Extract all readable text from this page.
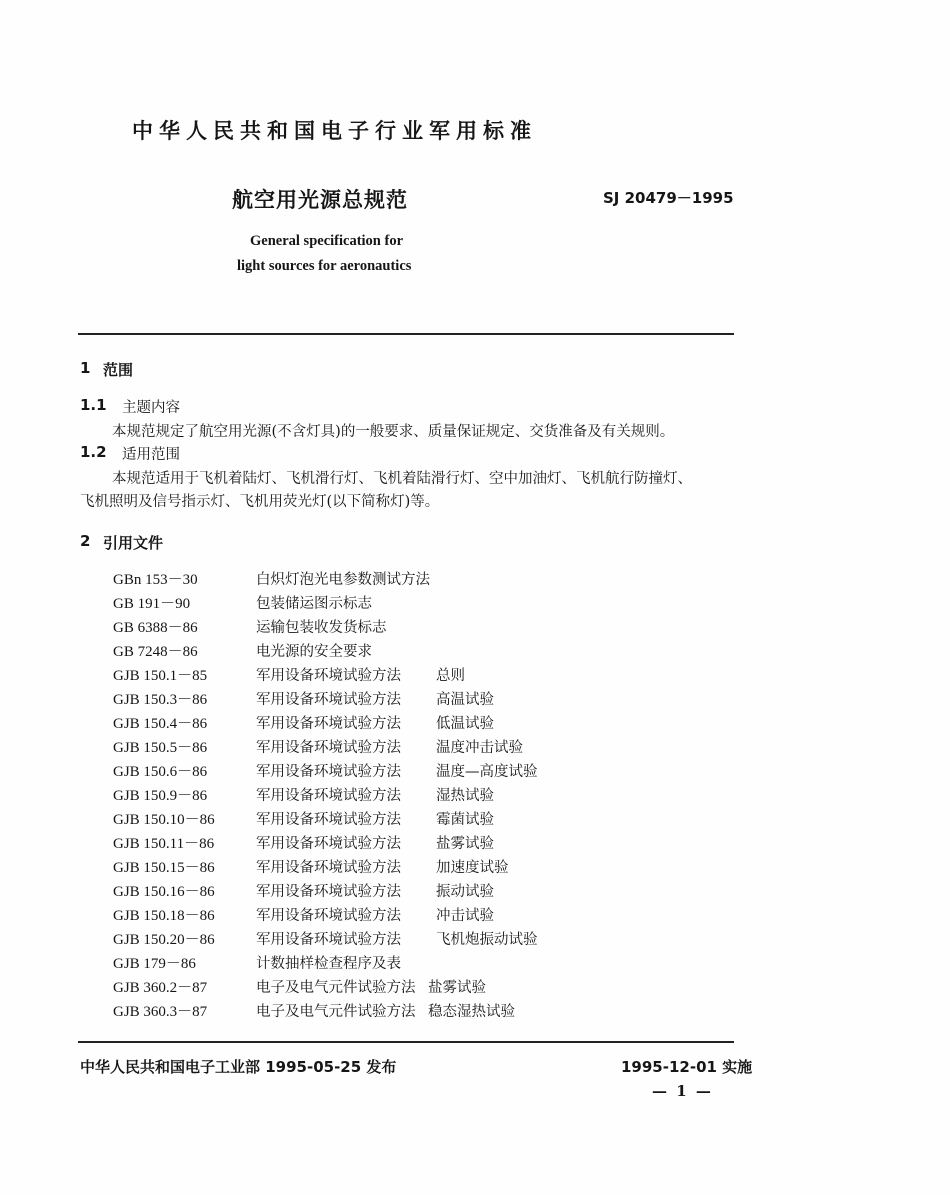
中华人民共和国电子行业军用标准
航空用光源总规范	SJ 20479－1995
General specification for
light sources for aeronautics
1 范围
1.1 主题内容
本规范规定了航空用光源(不含灯具)的一般要求、质量保证规定、交货准备及有关规则。
1.2 适用范围
本规范适用于飞机着陆灯、飞机滑行灯、飞机着陆滑行灯、空中加油灯、飞机航行防撞灯、
飞机照明及信号指示灯、飞机用荧光灯(以下简称灯)等。
2 引用文件
GBn 153－30	白炽灯泡光电参数测试方法
GB 191－90	包装储运图示标志
GB 6388－86	运输包装收发货标志
GB 7248－86	电光源的安全要求
GJB 150.1－85	军用设备环境试验方法 总则
GJB 150.3－86	军用设备环境试验方法 高温试验
GJB 150.4－86	军用设备环境试验方法 低温试验
GJB 150.5－86	军用设备环境试验方法 温度冲击试验
GJB 150.6－86	军用设备环境试验方法 温度—高度试验
GJB 150.9－86	军用设备环境试验方法 湿热试验
GJB 150.10－86	军用设备环境试验方法 霉菌试验
GJB 150.11－86	军用设备环境试验方法 盐雾试验
GJB 150.15－86	军用设备环境试验方法 加速度试验
GJB 150.16－86	军用设备环境试验方法 振动试验
GJB 150.18－86	军用设备环境试验方法 冲击试验
GJB 150.20－86	军用设备环境试验方法 飞机炮振动试验
GJB 179－86	计数抽样检查程序及表
GJB 360.2－87	电子及电气元件试验方法 盐雾试验
GJB 360.3－87	电子及电气元件试验方法 稳态湿热试验
中华人民共和国电子工业部 1995-05-25 发布	1995-12-01 实施
— 1 —
